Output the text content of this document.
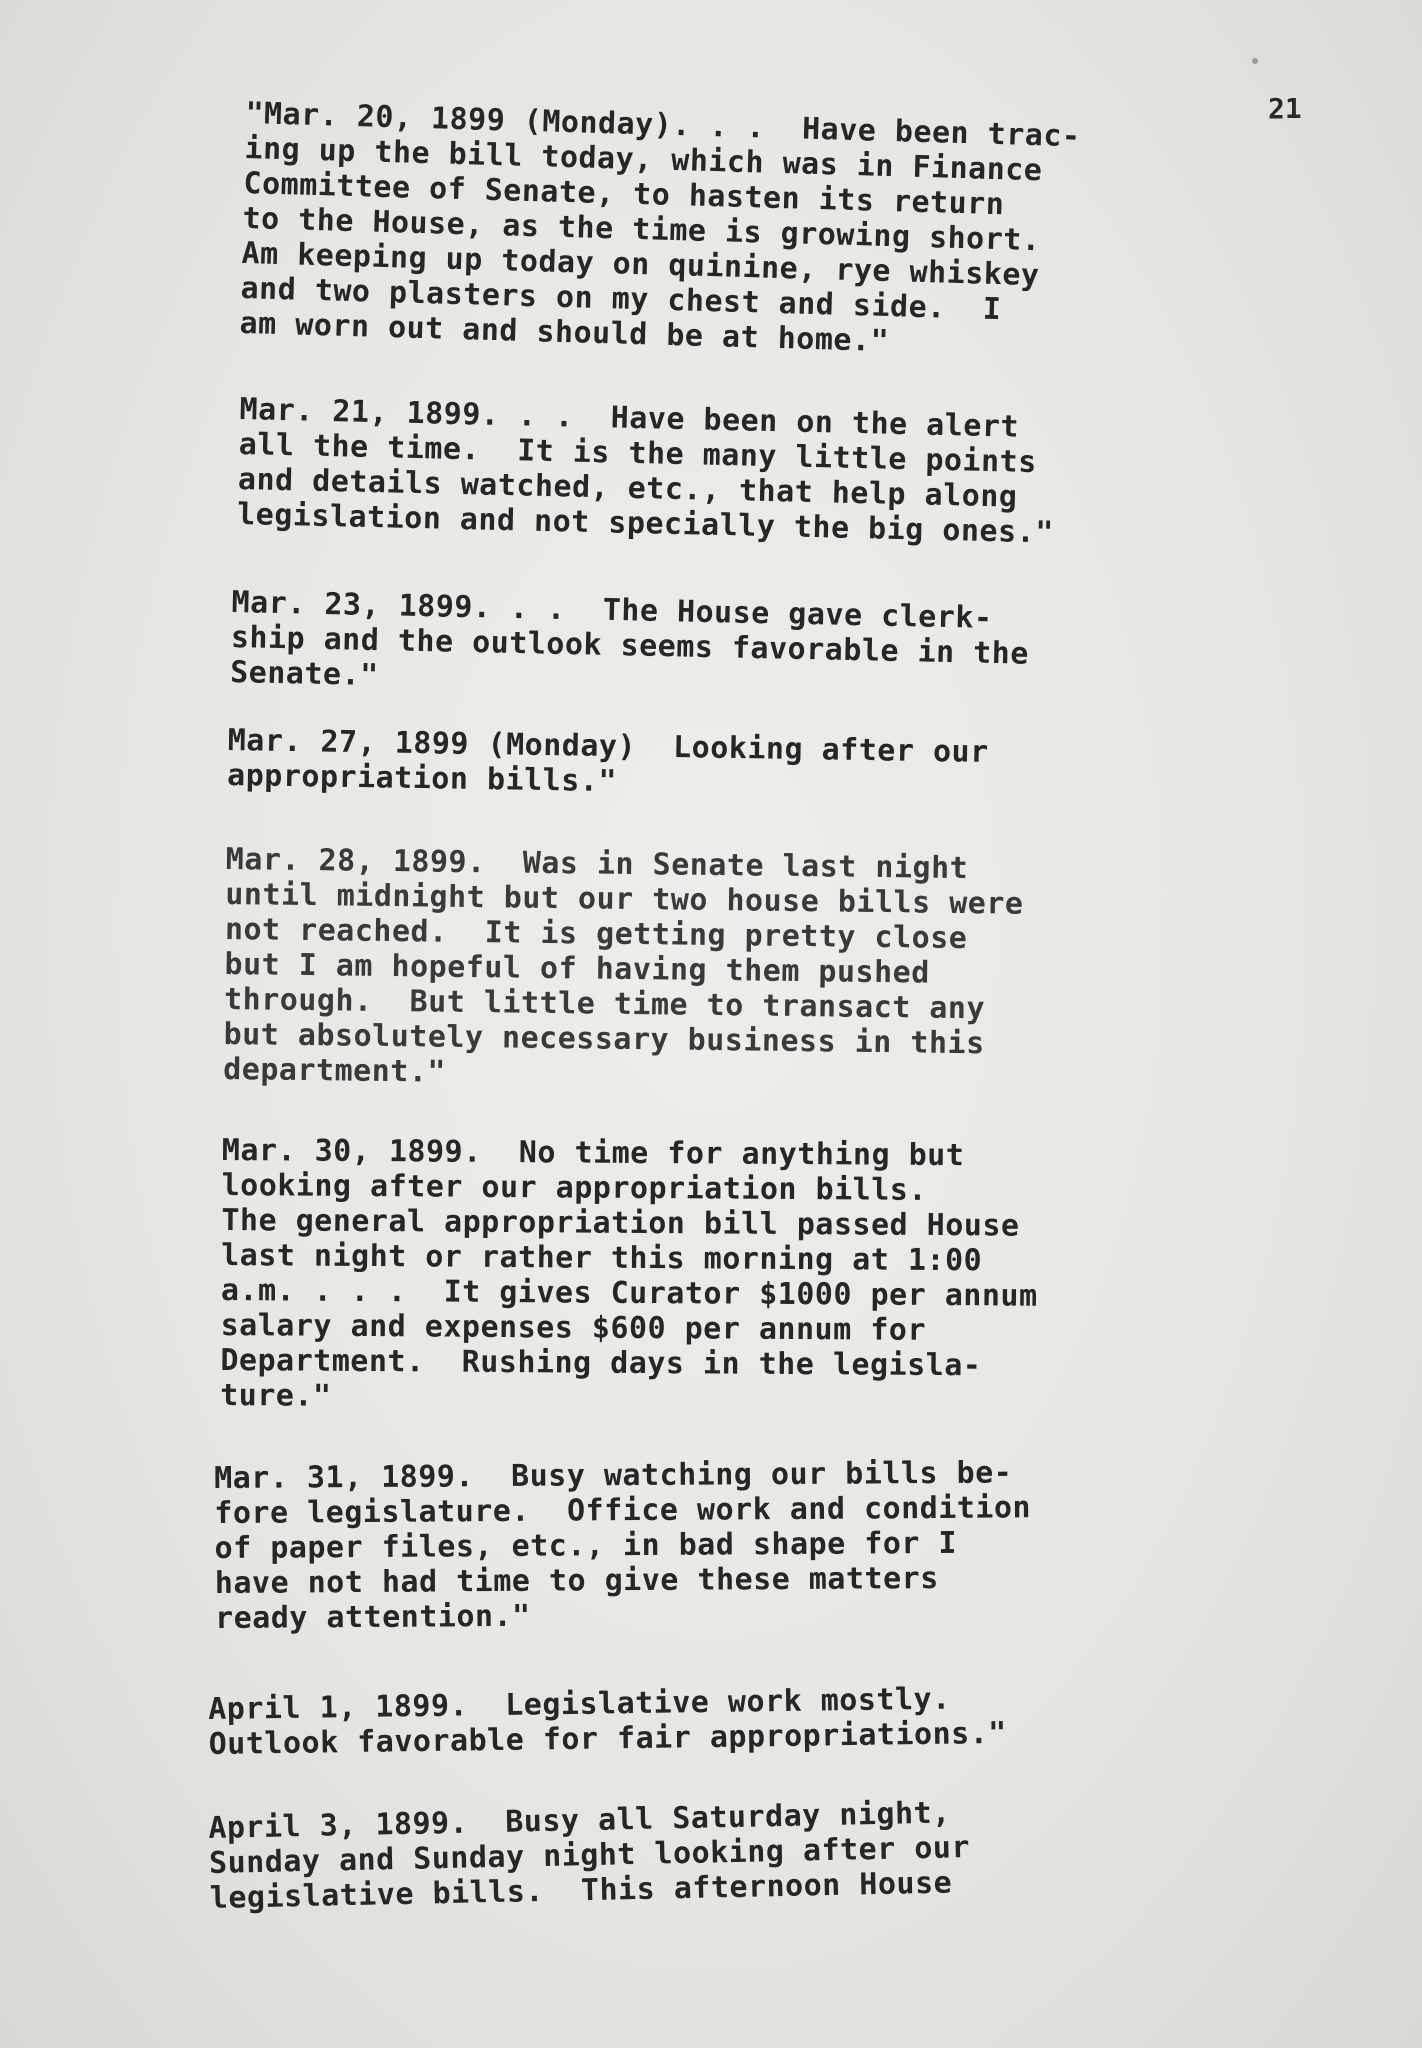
21

"Mar. 20, 1899 (Monday). . .  Have been trac-
ing up the bill today, which was in Finance
Committee of Senate, to hasten its return
to the House, as the time is growing short.
Am keeping up today on quinine, rye whiskey
and two plasters on my chest and side.  I
am worn out and should be at home."

Mar. 21, 1899. . .  Have been on the alert
all the time.  It is the many little points
and details watched, etc., that help along
legislation and not specially the big ones."

Mar. 23, 1899. . .  The House gave clerk-
ship and the outlook seems favorable in the
Senate."

Mar. 27, 1899 (Monday)  Looking after our
appropriation bills."

Mar. 28, 1899.  Was in Senate last night
until midnight but our two house bills were
not reached.  It is getting pretty close
but I am hopeful of having them pushed
through.  But little time to transact any
but absolutely necessary business in this
department."

Mar. 30, 1899.  No time for anything but
looking after our appropriation bills.
The general appropriation bill passed House
last night or rather this morning at 1:00
a.m. . . .  It gives Curator $1000 per annum
salary and expenses $600 per annum for
Department.  Rushing days in the legisla-
ture."

Mar. 31, 1899.  Busy watching our bills be-
fore legislature.  Office work and condition
of paper files, etc., in bad shape for I
have not had time to give these matters
ready attention."

April 1, 1899.  Legislative work mostly.
Outlook favorable for fair appropriations."

April 3, 1899.  Busy all Saturday night,
Sunday and Sunday night looking after our
legislative bills.  This afternoon House
